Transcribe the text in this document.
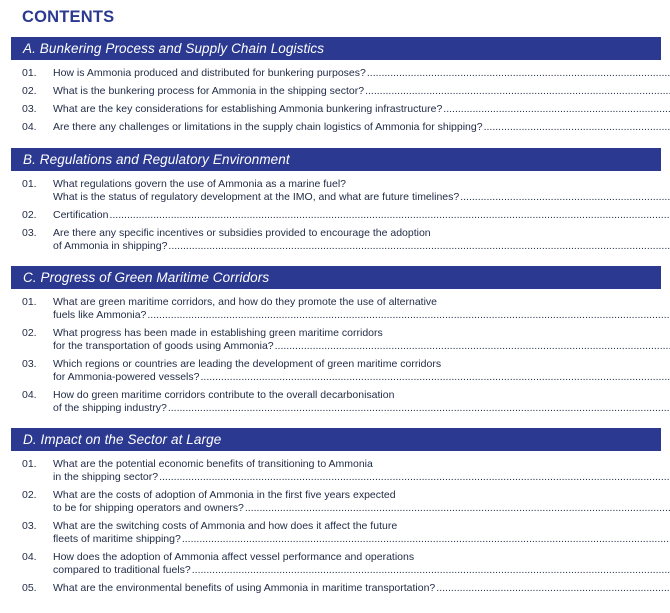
CONTENTS
A. Bunkering Process and Supply Chain Logistics
01.	How is Ammonia produced and distributed for bunkering purposes?
.....
02.	What is the bunkering process for Ammonia in the shipping sector?
.....
03.	What are the key considerations for establishing Ammonia bunkering infrastructure?
.....
04.	Are there any challenges or limitations in the supply chain logistics of Ammonia for shipping?
.....
B. Regulations and Regulatory Environment
01.	What regulations govern the use of Ammonia as a marine fuel?
What is the status of regulatory development at the IMO, and what are future timelines?
.....
02.	Certification
.....
03.	Are there any specific incentives or subsidies provided to encourage the adoption
of Ammonia in shipping?
.....
C. Progress of Green Maritime Corridors
01.	What are green maritime corridors, and how do they promote the use of alternative
fuels like Ammonia?
.....
02.	What progress has been made in establishing green maritime corridors
for the transportation of goods using Ammonia?
.....
03.	Which regions or countries are leading the development of green maritime corridors
for Ammonia-powered vessels?
.....
04.	How do green maritime corridors contribute to the overall decarbonisation
of the shipping industry?
.....
D. Impact on the Sector at Large
01.	What are the potential economic benefits of transitioning to Ammonia
in the shipping sector?
.....
02.	What are the costs of adoption of Ammonia in the first five years expected
to be for shipping operators and owners?
.....
03.	What are the switching costs of Ammonia and how does it affect the future
fleets of maritime shipping?
.....
04.	How does the adoption of Ammonia affect vessel performance and operations
compared to traditional fuels?
.....
05.	What are the environmental benefits of using Ammonia in maritime transportation?
.....
